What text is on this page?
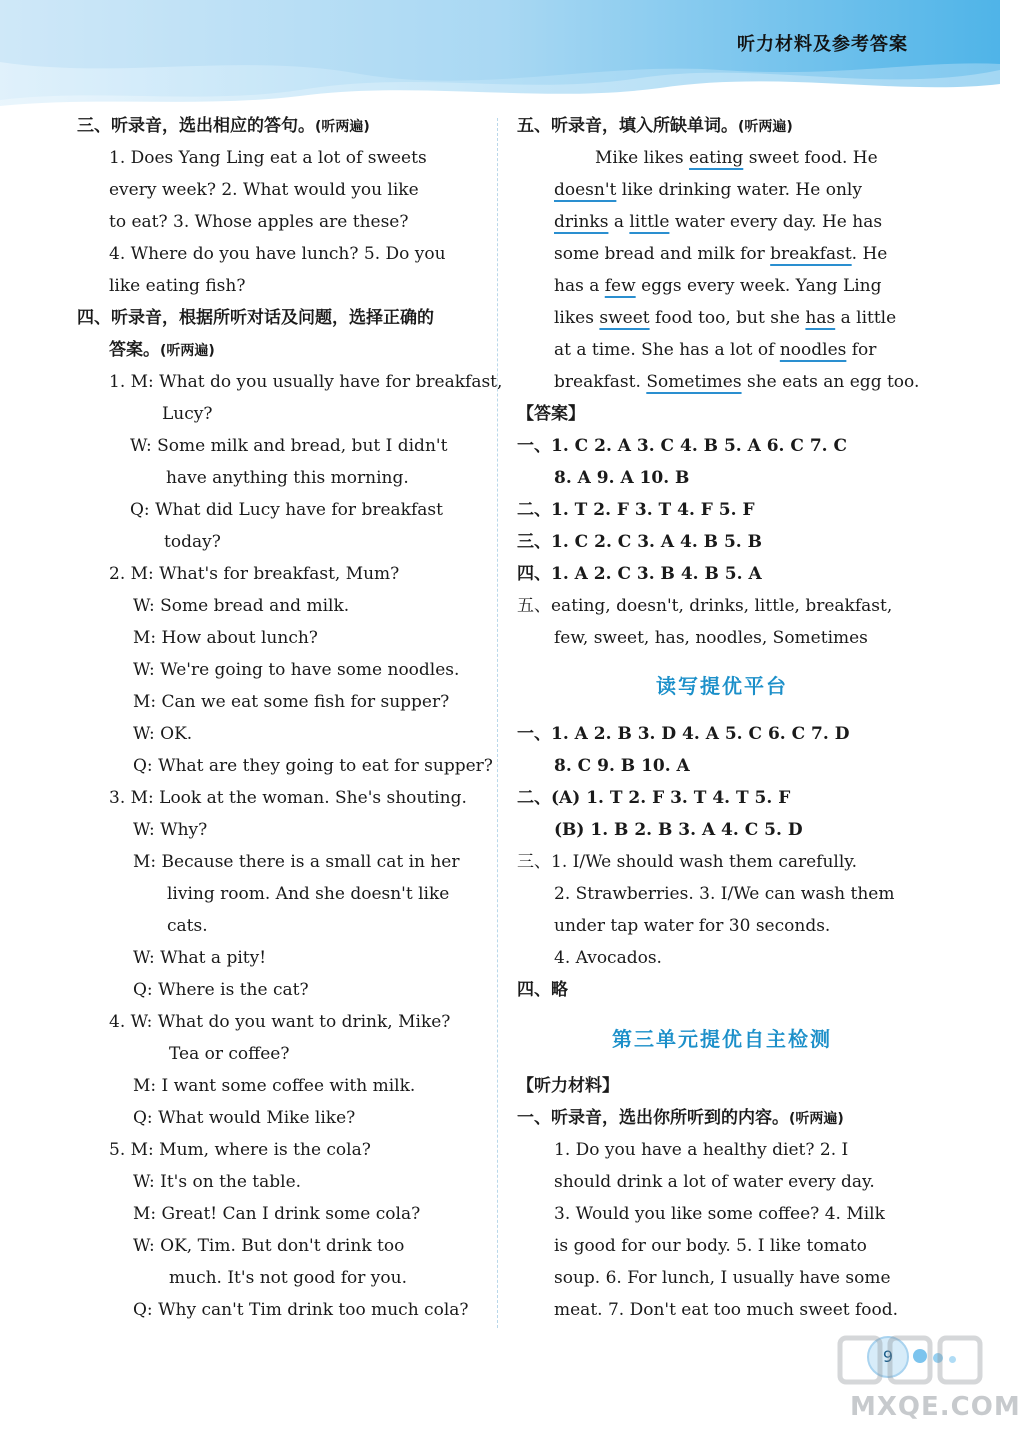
听力材料及参考答案
三、听录音，选出相应的答句。(听两遍)
1. Does Yang Ling eat a lot of sweets
every week? 2. What would you like
to eat? 3. Whose apples are these?
4. Where do you have lunch? 5. Do you
like eating fish?
四、听录音，根据所听对话及问题，选择正确的
答案。(听两遍)
1. M: What do you usually have for breakfast,
Lucy?
W: Some milk and bread, but I didn't
have anything this morning.
Q: What did Lucy have for breakfast
today?
2. M: What's for breakfast, Mum?
W: Some bread and milk.
M: How about lunch?
W: We're going to have some noodles.
M: Can we eat some fish for supper?
W: OK.
Q: What are they going to eat for supper?
3. M: Look at the woman. She's shouting.
W: Why?
M: Because there is a small cat in her
living room. And she doesn't like
cats.
W: What a pity!
Q: Where is the cat?
4. W: What do you want to drink, Mike?
Tea or coffee?
M: I want some coffee with milk.
Q: What would Mike like?
5. M: Mum, where is the cola?
W: It's on the table.
M: Great! Can I drink some cola?
W: OK, Tim. But don't drink too
much. It's not good for you.
Q: Why can't Tim drink too much cola?
五、听录音，填入所缺单词。(听两遍)
Mike likes eating sweet food. He
doesn't like drinking water. He only
drinks a little water every day. He has
some bread and milk for breakfast. He
has a few eggs every week. Yang Ling
likes sweet food too, but she has a little
at a time. She has a lot of noodles for
breakfast. Sometimes she eats an egg too.
【答案】
一、1. C 2. A 3. C 4. B 5. A 6. C 7. C
8. A 9. A 10. B
二、1. T 2. F 3. T 4. F 5. F
三、1. C 2. C 3. A 4. B 5. B
四、1. A 2. C 3. B 4. B 5. A
五、eating, doesn't, drinks, little, breakfast,
few, sweet, has, noodles, Sometimes
读写提优平台
一、1. A 2. B 3. D 4. A 5. C 6. C 7. D
8. C 9. B 10. A
二、(A) 1. T 2. F 3. T 4. T 5. F
(B) 1. B 2. B 3. A 4. C 5. D
三、1. I/We should wash them carefully.
2. Strawberries. 3. I/We can wash them
under tap water for 30 seconds.
4. Avocados.
四、略
第三单元提优自主检测
【听力材料】
一、听录音，选出你所听到的内容。(听两遍)
1. Do you have a healthy diet? 2. I
should drink a lot of water every day.
3. Would you like some coffee? 4. Milk
is good for our body. 5. I like tomato
soup. 6. For lunch, I usually have some
meat. 7. Don't eat too much sweet food.
9
MXQE.COM
